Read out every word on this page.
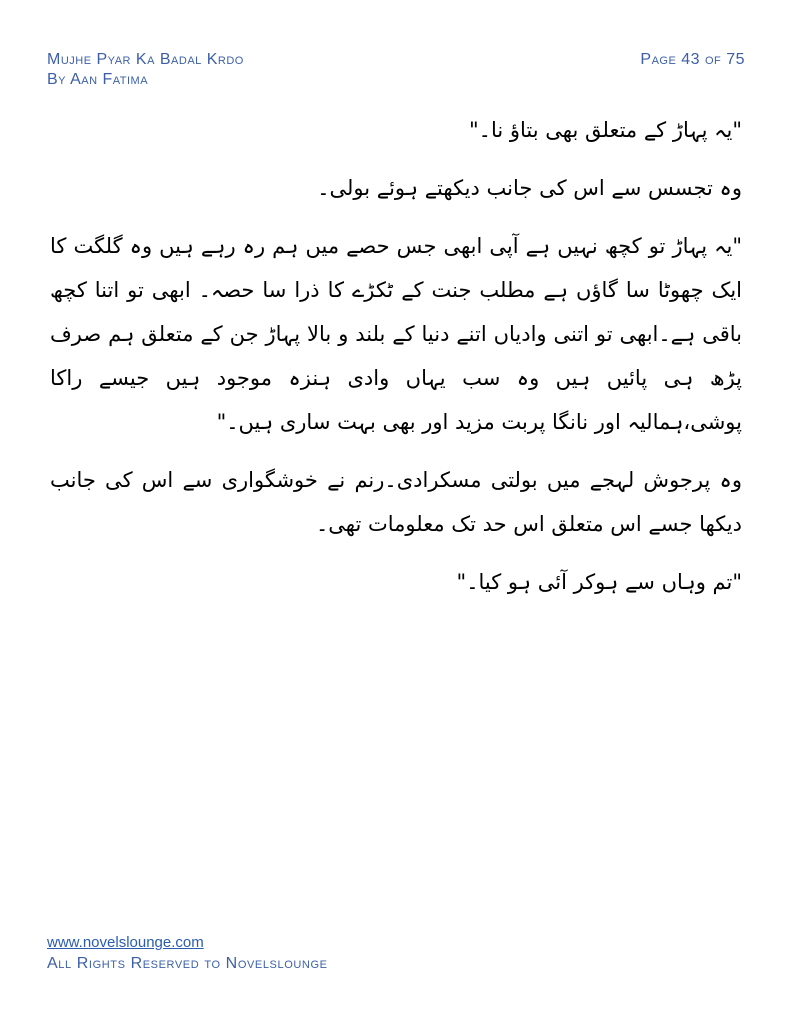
Mujhe Pyar Ka Badal Krdo
By Aan Fatima
Page 43 of 75

"یہ پہاڑ کے متعلق بھی بتاؤ نا۔"

وہ تجسس سے اس کی جانب دیکھتے ہوئے بولی۔

"یہ پہاڑ تو کچھ نہیں ہے آپی ابھی جس حصے میں ہم رہ رہے ہیں وہ گلگت کا ایک چھوٹا سا گاؤں ہے مطلب جنت کے ٹکڑے کا ذرا سا حصہ۔ ابھی تو اتنا کچھ باقی ہے۔ابھی تو اتنی وادیاں اتنے دنیا کے بلند و بالا پہاڑ جن کے متعلق ہم صرف پڑھ ہی پائیں ہیں وہ سب یہاں وادی ہنزہ موجود ہیں جیسے راکا پوشی،ہمالیہ اور نانگا پربت مزید اور بھی بہت ساری ہیں۔"

وہ پرجوش لہجے میں بولتی مسکرادی۔رنم نے خوشگواری سے اس کی جانب دیکھا جسے اس متعلق اس حد تک معلومات تھی۔

"تم وہاں سے ہوکر آئی ہو کیا۔"

www.novelslounge.com
All Rights Reserved to Novelslounge
